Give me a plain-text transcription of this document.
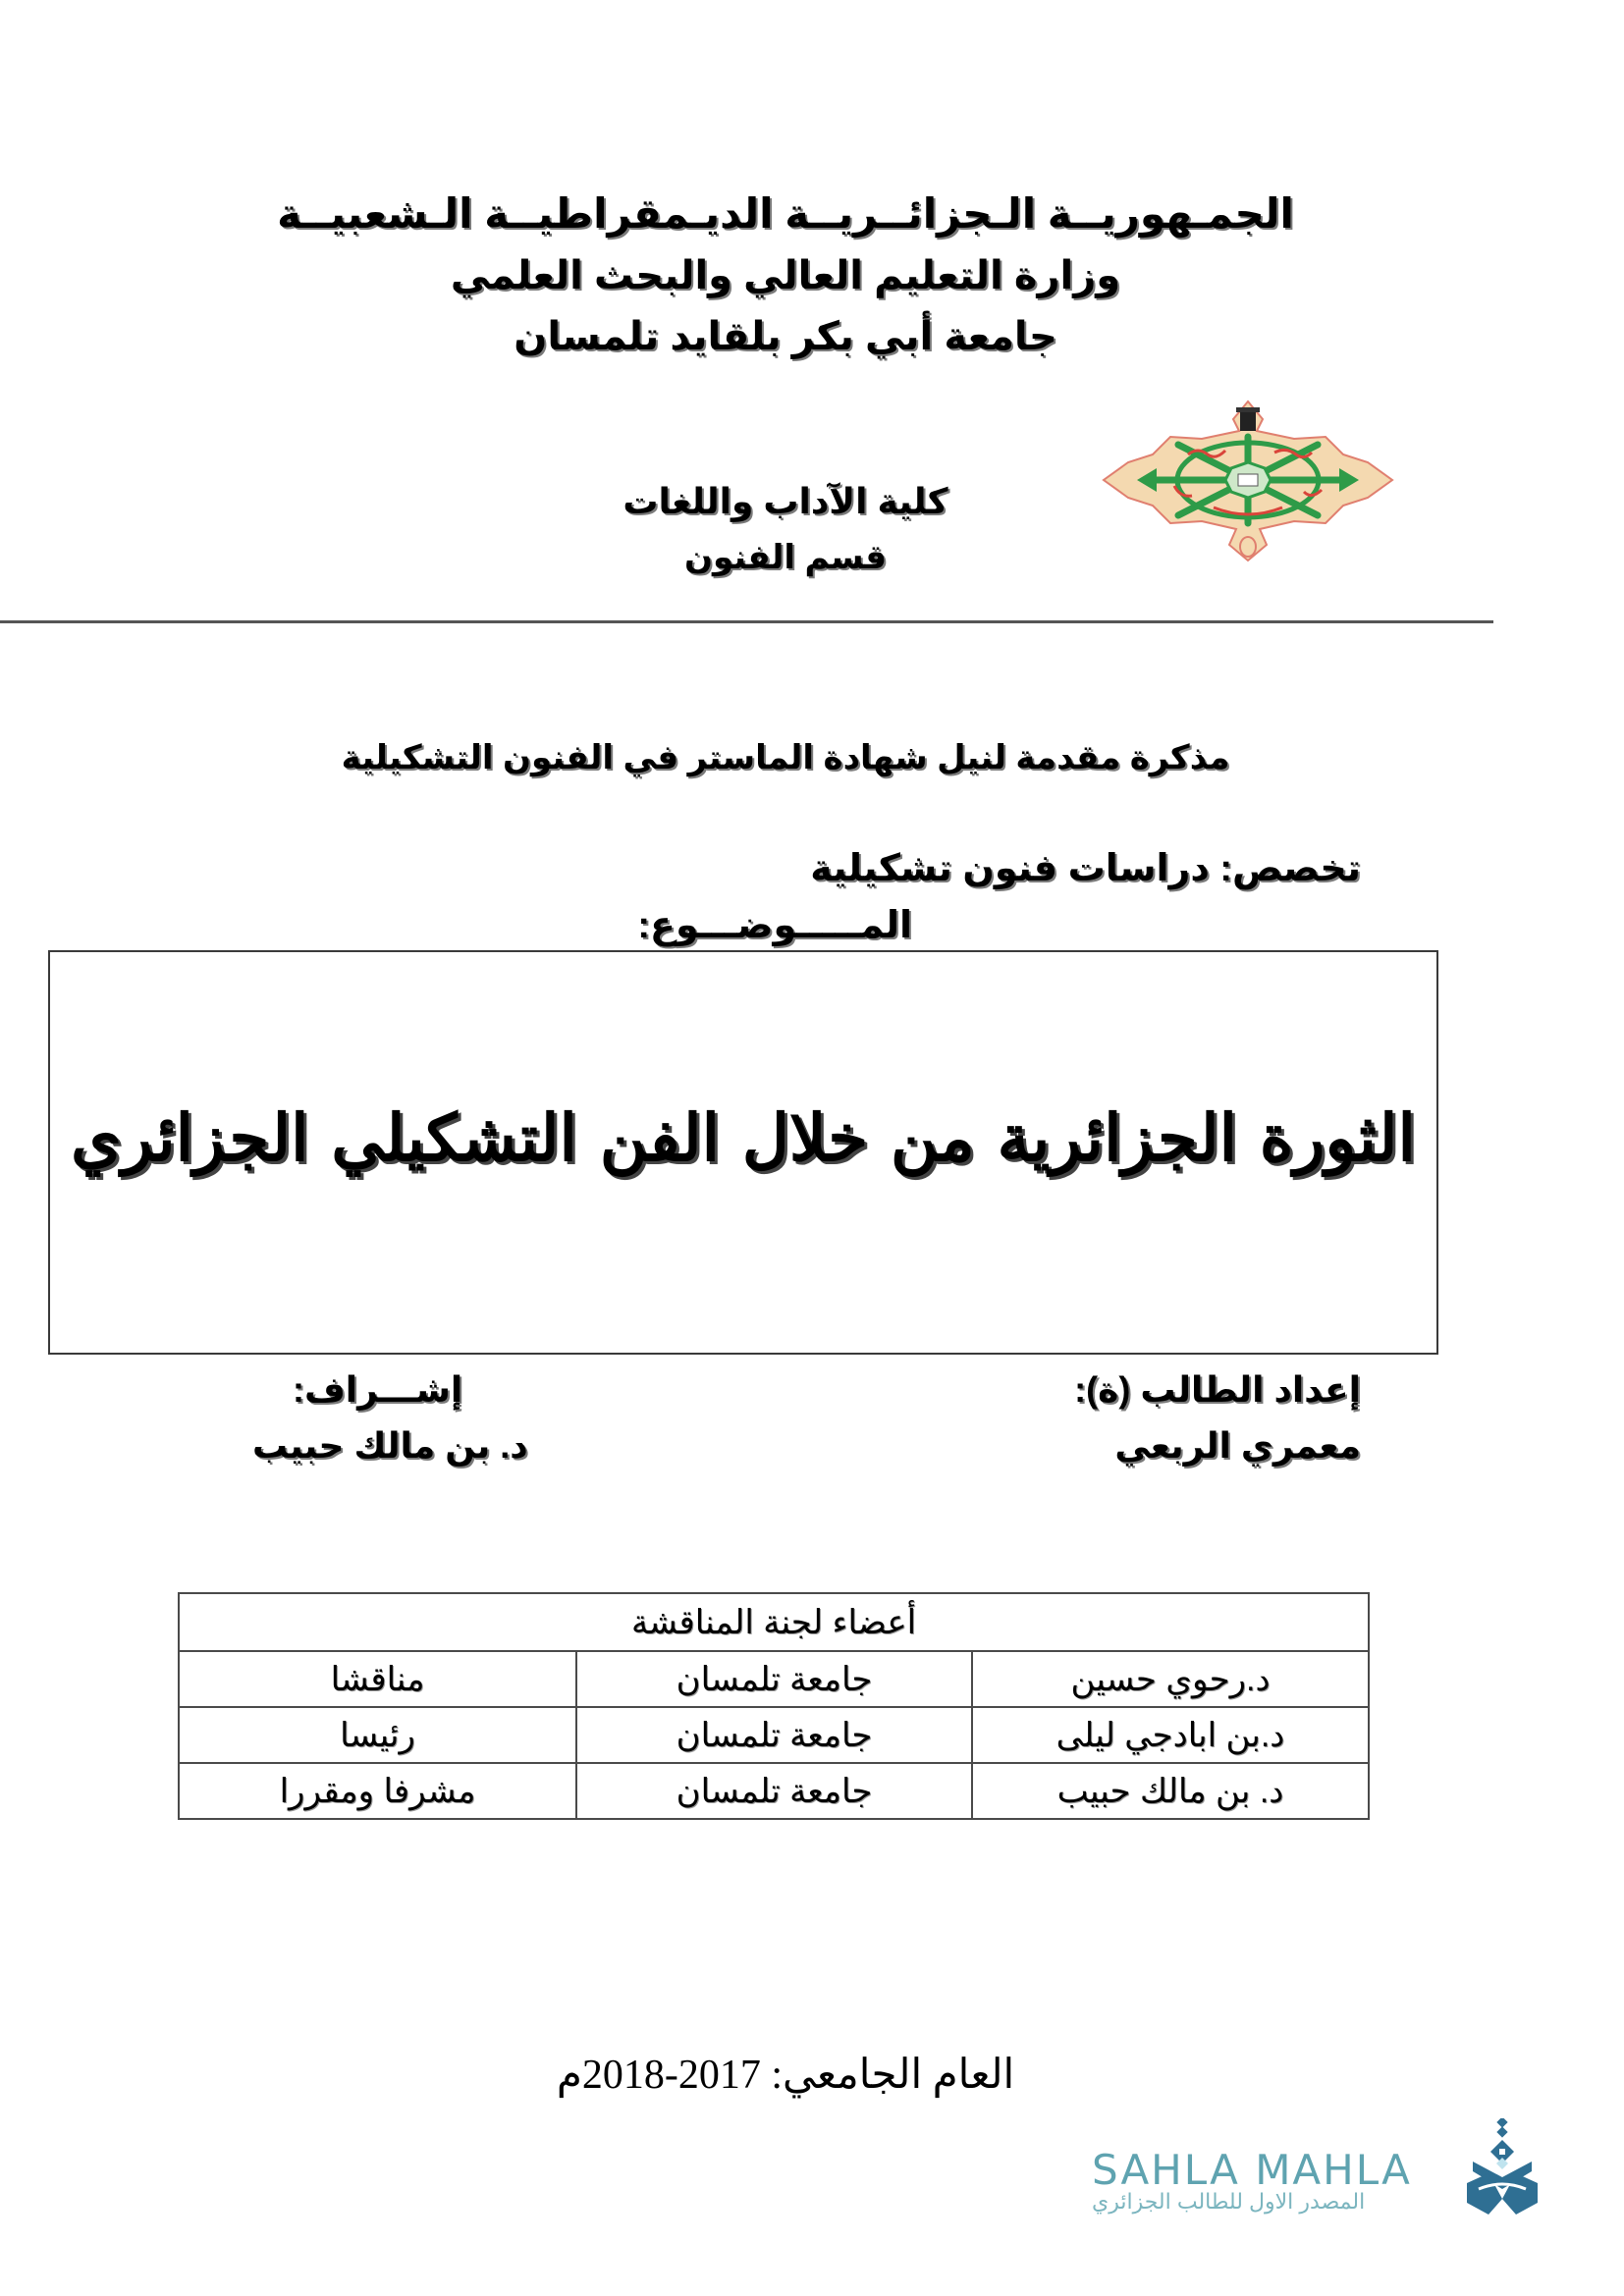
الجمـهوريــة الـجزائــريــة الديـمقراطيــة الـشعبيــة
وزارة التعليم العالي والبحث العلمي
جامعة أبي بكر بلقايد تلمسان
كلية الآداب واللغات
قسم الفنون
مذكرة مقدمة لنيل شهادة الماستر في الفنون التشكيلية
تخصص: دراسات فنون تشكيلية
المـــــوضـــوع:
الثورة الجزائرية من خلال الفن التشكيلي الجزائري
إعداد الطالب (ة):
معمري الربعي
إشـــراف:
د. بن مالك حبيب
أعضاء لجنة المناقشة		
د.رحوي حسين	جامعة تلمسان	مناقشا
د.بن ابادجي ليلى	جامعة تلمسان	رئيسا
د. بن مالك حبيب	جامعة تلمسان	مشرفا ومقررا
العام الجامعي: 2017-2018م
SAHLA MAHLA
المصدر الاول للطالب الجزائري
